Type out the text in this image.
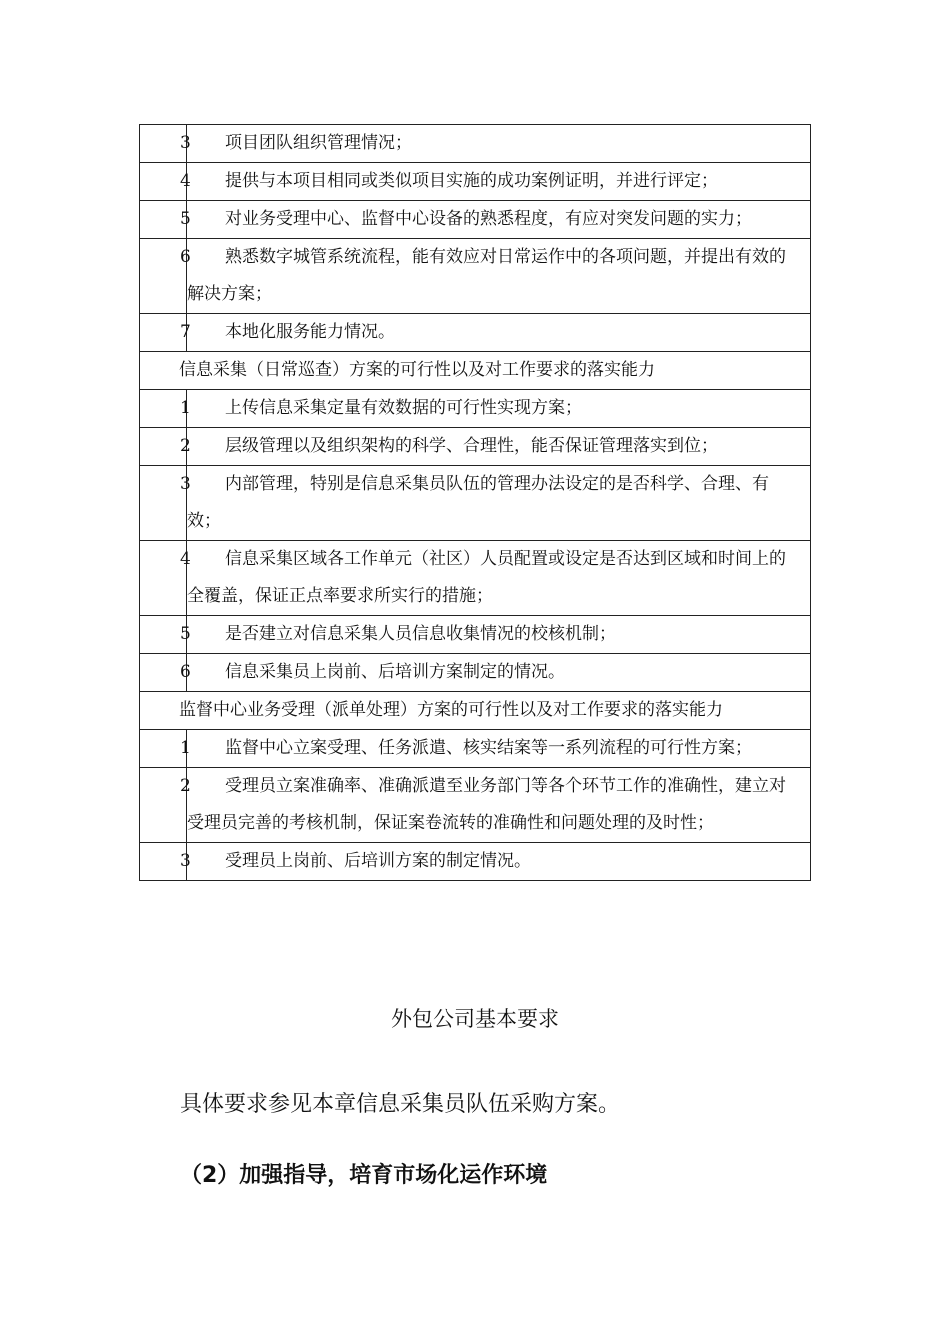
3	项目团队组织管理情况；
4	提供与本项目相同或类似项目实施的成功案例证明，并进行评定；
5	对业务受理中心、监督中心设备的熟悉程度，有应对突发问题的实力；
6	熟悉数字城管系统流程，能有效应对日常运作中的各项问题，并提出有效的解决方案；
7	本地化服务能力情况。
信息采集（日常巡查）方案的可行性以及对工作要求的落实能力
1	上传信息采集定量有效数据的可行性实现方案；
2	层级管理以及组织架构的科学、合理性，能否保证管理落实到位；
3	内部管理，特别是信息采集员队伍的管理办法设定的是否科学、合理、有效；
4	信息采集区域各工作单元（社区）人员配置或设定是否达到区域和时间上的全覆盖，保证正点率要求所实行的措施；
5	是否建立对信息采集人员信息收集情况的校核机制；
6	信息采集员上岗前、后培训方案制定的情况。
监督中心业务受理（派单处理）方案的可行性以及对工作要求的落实能力
1	监督中心立案受理、任务派遣、核实结案等一系列流程的可行性方案；
2	受理员立案准确率、准确派遣至业务部门等各个环节工作的准确性，建立对受理员完善的考核机制，保证案卷流转的准确性和问题处理的及时性；
3	受理员上岗前、后培训方案的制定情况。
外包公司基本要求
具体要求参见本章信息采集员队伍采购方案。
（2）加强指导，培育市场化运作环境
